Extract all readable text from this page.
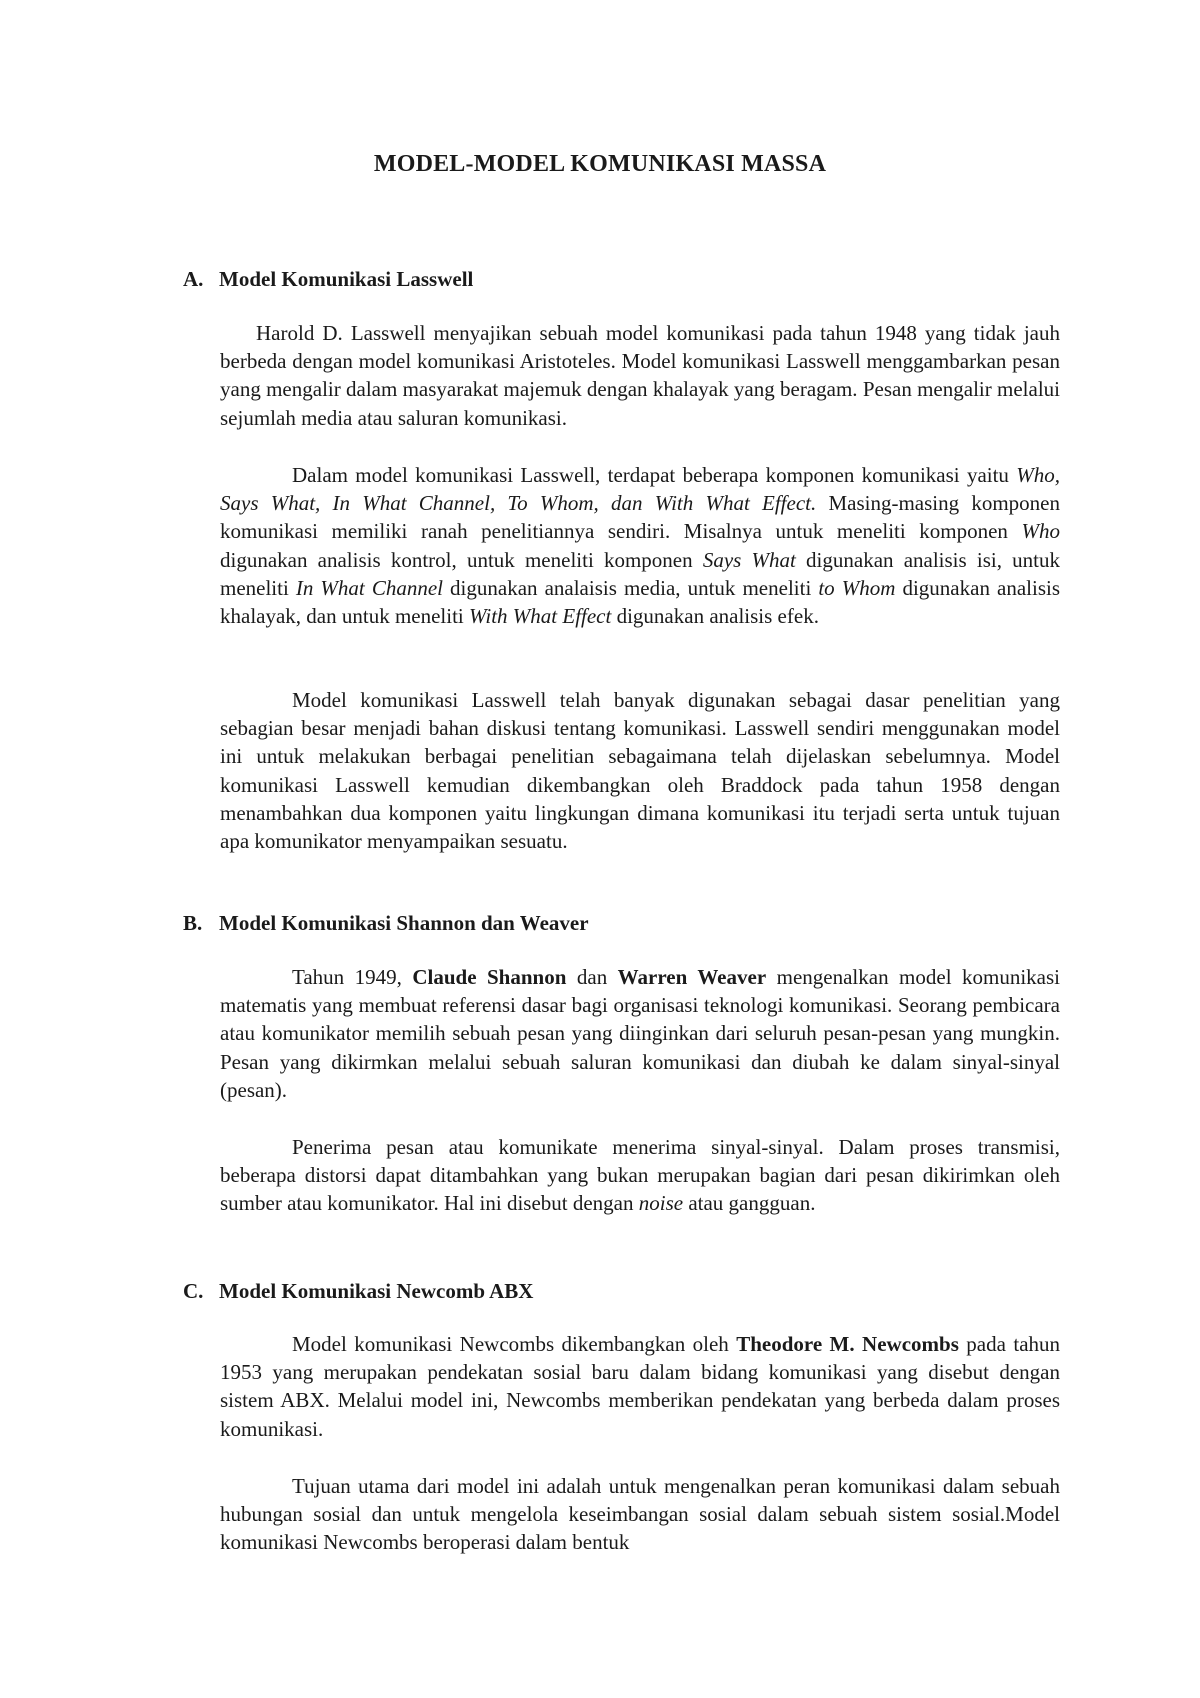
MODEL-MODEL KOMUNIKASI MASSA
A. Model Komunikasi Lasswell

Harold D. Lasswell menyajikan sebuah model komunikasi pada tahun 1948 yang tidak jauh berbeda dengan model komunikasi Aristoteles. Model komunikasi Lasswell menggambarkan pesan yang mengalir dalam masyarakat majemuk dengan khalayak yang beragam. Pesan mengalir melalui sejumlah media atau saluran komunikasi.

Dalam model komunikasi Lasswell, terdapat beberapa komponen komunikasi yaitu Who, Says What, In What Channel, To Whom, dan With What Effect. Masing-masing komponen komunikasi memiliki ranah penelitiannya sendiri. Misalnya untuk meneliti komponen Who digunakan analisis kontrol, untuk meneliti komponen Says What digunakan analisis isi, untuk meneliti In What Channel digunakan analaisis media, untuk meneliti to Whom digunakan analisis khalayak, dan untuk meneliti With What Effect digunakan analisis efek.

Model komunikasi Lasswell telah banyak digunakan sebagai dasar penelitian yang sebagian besar menjadi bahan diskusi tentang komunikasi. Lasswell sendiri menggunakan model ini untuk melakukan berbagai penelitian sebagaimana telah dijelaskan sebelumnya. Model komunikasi Lasswell kemudian dikembangkan oleh Braddock pada tahun 1958 dengan menambahkan dua komponen yaitu lingkungan dimana komunikasi itu terjadi serta untuk tujuan apa komunikator menyampaikan sesuatu.

B. Model Komunikasi Shannon dan Weaver

Tahun 1949, Claude Shannon dan Warren Weaver mengenalkan model komunikasi matematis yang membuat referensi dasar bagi organisasi teknologi komunikasi. Seorang pembicara atau komunikator memilih sebuah pesan yang diinginkan dari seluruh pesan-pesan yang mungkin. Pesan yang dikirmkan melalui sebuah saluran komunikasi dan diubah ke dalam sinyal-sinyal (pesan).

Penerima pesan atau komunikate menerima sinyal-sinyal. Dalam proses transmisi, beberapa distorsi dapat ditambahkan yang bukan merupakan bagian dari pesan dikirimkan oleh sumber atau komunikator. Hal ini disebut dengan noise atau gangguan.

C. Model Komunikasi Newcomb ABX

Model komunikasi Newcombs dikembangkan oleh Theodore M. Newcombs pada tahun 1953 yang merupakan pendekatan sosial baru dalam bidang komunikasi yang disebut dengan sistem ABX. Melalui model ini, Newcombs memberikan pendekatan yang berbeda dalam proses komunikasi.

Tujuan utama dari model ini adalah untuk mengenalkan peran komunikasi dalam sebuah hubungan sosial dan untuk mengelola keseimbangan sosial dalam sebuah sistem sosial.Model komunikasi Newcombs beroperasi dalam bentuk
